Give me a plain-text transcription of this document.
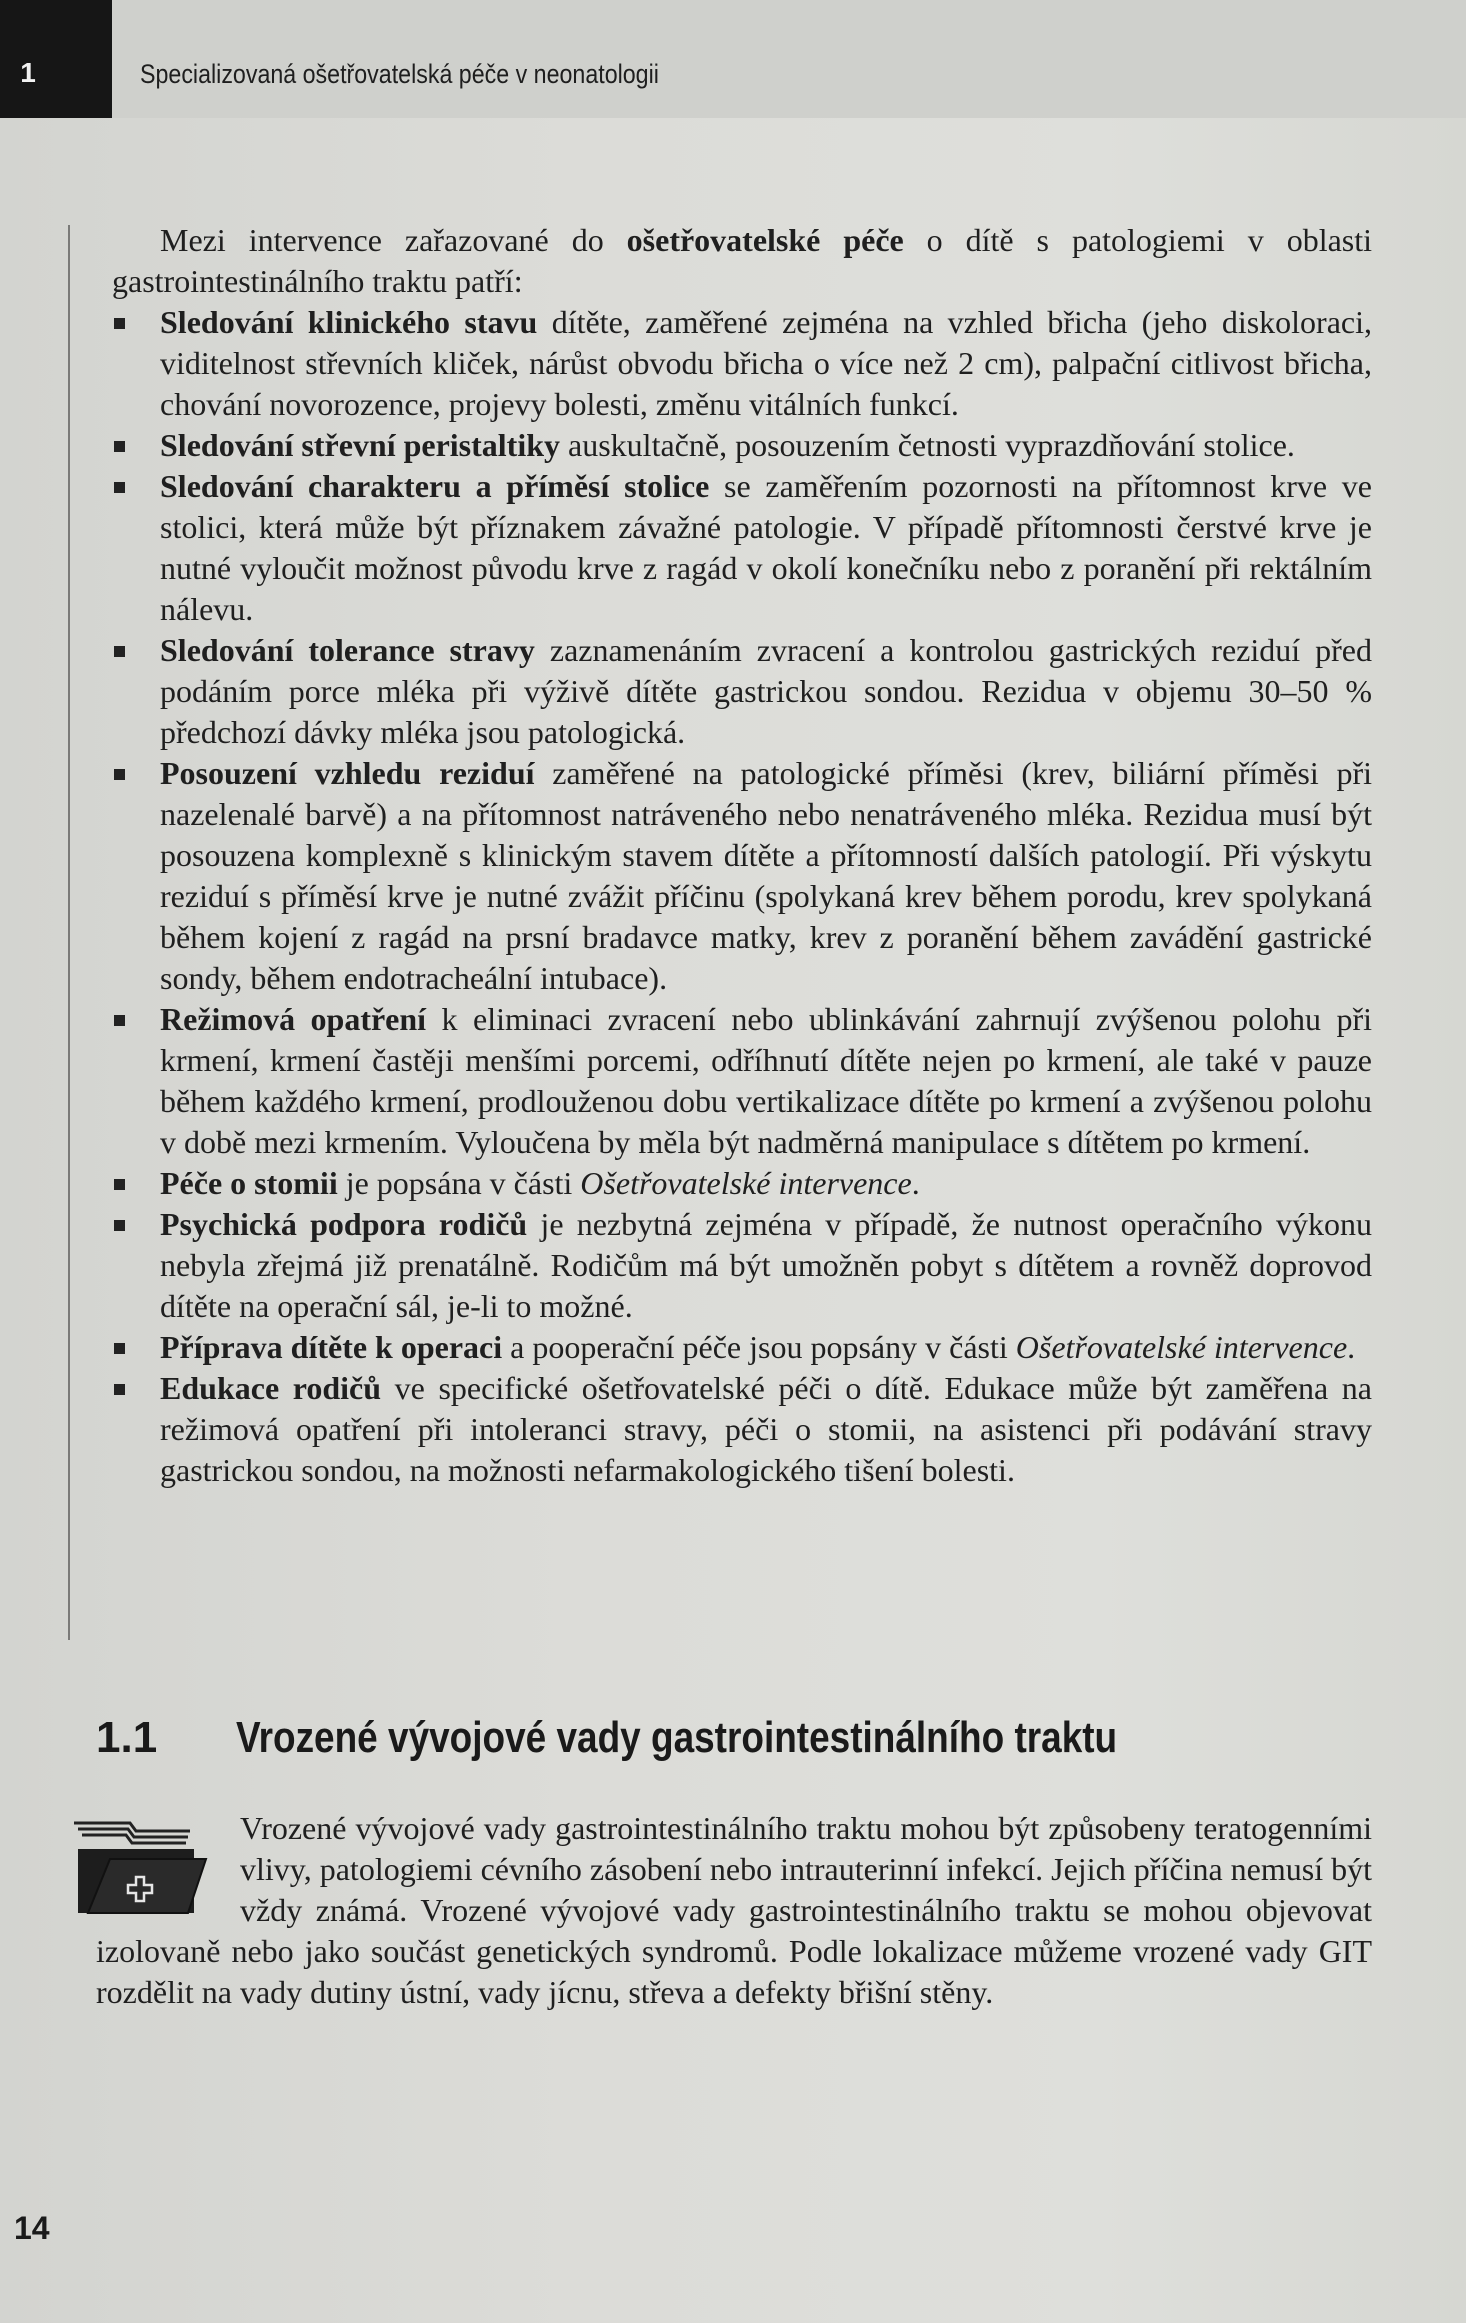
1	Specializovaná ošetřovatelská péče v neonatologii

Mezi intervence zařazované do ošetřovatelské péče o dítě s patologiemi v oblasti gastrointestinálního traktu patří:

Sledování klinického stavu dítěte, zaměřené zejména na vzhled břicha (jeho diskoloraci, viditelnost střevních kliček, nárůst obvodu břicha o více než 2 cm), palpační citlivost břicha, chování novorozence, projevy bolesti, změnu vitálních funkcí.
Sledování střevní peristaltiky auskultačně, posouzením četnosti vyprazdňování stolice.
Sledování charakteru a příměsí stolice se zaměřením pozornosti na přítomnost krve ve stolici, která může být příznakem závažné patologie. V případě přítomnosti čerstvé krve je nutné vyloučit možnost původu krve z ragád v okolí konečníku nebo z poranění při rektálním nálevu.
Sledování tolerance stravy zaznamenáním zvracení a kontrolou gastrických reziduí před podáním porce mléka při výživě dítěte gastrickou sondou. Rezidua v objemu 30–50 % předchozí dávky mléka jsou patologická.
Posouzení vzhledu reziduí zaměřené na patologické příměsi (krev, biliární příměsi při nazelenalé barvě) a na přítomnost natráveného nebo nenatráveného mléka. Rezidua musí být posouzena komplexně s klinickým stavem dítěte a přítomností dalších patologií. Při výskytu reziduí s příměsí krve je nutné zvážit příčinu (spolykaná krev během porodu, krev spolykaná během kojení z ragád na prsní bradavce matky, krev z poranění během zavádění gastrické sondy, během endotracheální intubace).
Režimová opatření k eliminaci zvracení nebo ublinkávání zahrnují zvýšenou polohu při krmení, krmení častěji menšími porcemi, odříhnutí dítěte nejen po krmení, ale také v pauze během každého krmení, prodlouženou dobu vertikalizace dítěte po krmení a zvýšenou polohu v době mezi krmením. Vyloučena by měla být nadměrná manipulace s dítětem po krmení.
Péče o stomii je popsána v části Ošetřovatelské intervence.
Psychická podpora rodičů je nezbytná zejména v případě, že nutnost operačního výkonu nebyla zřejmá již prenatálně. Rodičům má být umožněn pobyt s dítětem a rovněž doprovod dítěte na operační sál, je-li to možné.
Příprava dítěte k operaci a pooperační péče jsou popsány v části Ošetřovatelské intervence.
Edukace rodičů ve specifické ošetřovatelské péči o dítě. Edukace může být zaměřena na režimová opatření při intoleranci stravy, péči o stomii, na asistenci při podávání stravy gastrickou sondou, na možnosti nefarmakologického tišení bolesti.
1.1 Vrozené vývojové vady gastrointestinálního traktu

Vrozené vývojové vady gastrointestinálního traktu mohou být způsobeny teratogenními vlivy, patologiemi cévního zásobení nebo intrauterinní infekcí. Jejich příčina nemusí být vždy známá. Vrozené vývojové vady gastrointestinálního traktu se mohou objevovat izolovaně nebo jako součást genetických syndromů. Podle lokalizace můžeme vrozené vady GIT rozdělit na vady dutiny ústní, vady jícnu, střeva a defekty břišní stěny.

14
